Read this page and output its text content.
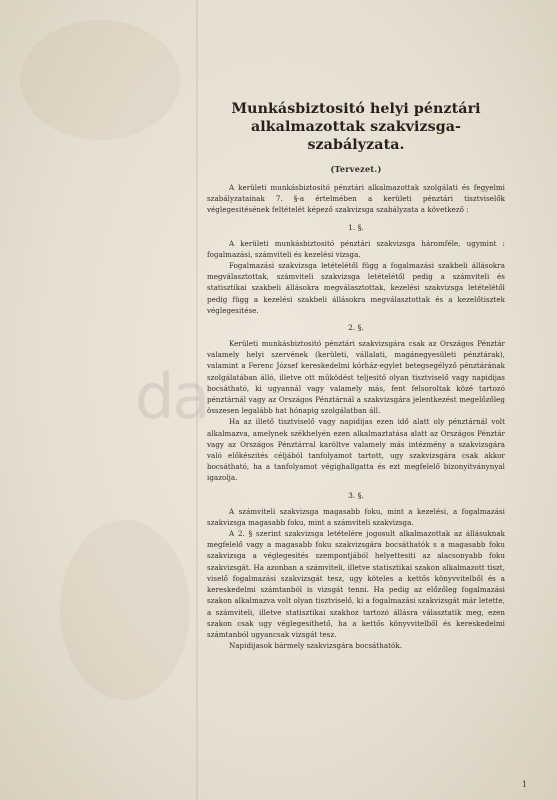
da
Munkásbiztositó helyi pénztári alkalmazottak szakvizsga-szabályzata.
(Tervezet.)

A kerületi munkásbiztositó pénztári alkalmazottak szolgálati és fegyelmi szabályzatainak 7. §-a értelmében a kerületi pénztári tisztviselők véglegesitésének feltételét képező szakvizsga szabályzata a következő :

1. §.

A kerületi munkásbiztositó pénztári szakvizsga háromféle, ugymint : fogalmazási, számviteli és kezelési vizsga.

Fogalmazási szakvizsga letételétől függ a fogalmazási szakbeli állásokra megválasztottak, számviteli szakvizsga letételétől pedig a számviteli és statisztikai szakbeli állásokra megválasztottak, kezelési szakvizsga letételétől pedig függ a kezelési szakbeli állásokra megválasztottak és a kezelőtisztek véglegesitése.

2. §.

Kerületi munkásbiztositó pénztári szakvizsgára csak az Országos Pénztár valamely helyi szervének (kerületi, vállalati, magánegyesületi pénztárak), valamint a Ferenc József kereskedelmi kórház-egylet betegsegélyző pénztárának szolgálatában álló, illetve ott működést teljesitő olyan tisztviselő vagy napidijas bocsátható, ki ugyannál vagy valamely más, fent felsoroltak közé tartozó pénztárnál vagy az Országos Pénztárnál a szakvizsgára jelentkezést megelőzőleg összesen legalább hat hónapig szolgálatban áll.

Ha az illető tisztviselő vagy napidijas ezen idő alatt oly pénztárnál volt alkalmazva, amelynek székhelyén ezen alkalmaztatása alatt az Országos Pénztár vagy az Országos Pénztárral karöltve valamely más intézmény a szakvizsgára való előkészités céljából tanfolyamot tartott, ugy szakvizsgára csak akkor bocsátható, ha a tanfolyamot végighallgatta és ezt megfelelő bizonyitványnyal igazolja.

3. §.

A számviteli szakvizsga magasabb foku, mint a kezelési, a fogalmazási szakvizsga magasabb foku, mint a számviteli szakvizsga.

A 2. § szerint szakvizsga letételére jogosult alkalmazottak az állásuknak megfelelő vagy a magasabb foku szakvizsgára bocsáthatók s a magasabb foku szakvizsga a véglegesités szempontjából helyettesiti az alacsonyabb foku szakvizsgát. Ha azonban a számviteli, illetve statisztikai szakon alkalmazott tiszt, viselő fogalmazási szakvizsgát tesz, ugy köteles a kettős könyvvitelből és a kereskedelmi számtanból is vizsgát tenni. Ha pedig az előzőleg fogalmazási szakon alkalmazva volt olyan tisztviselő, ki a fogalmazási szakvizsgát már letette, a számviteli, illetve statisztikai szakhoz tartozó állásra választatik meg, ezen szakon csak ugy véglegesithető, ha a kettős könyvvitelből és kereskedelmi számtanból ugyancsak vizsgát tesz.

Napidijasok bármely szakvizsgára bocsáthatók.

1
